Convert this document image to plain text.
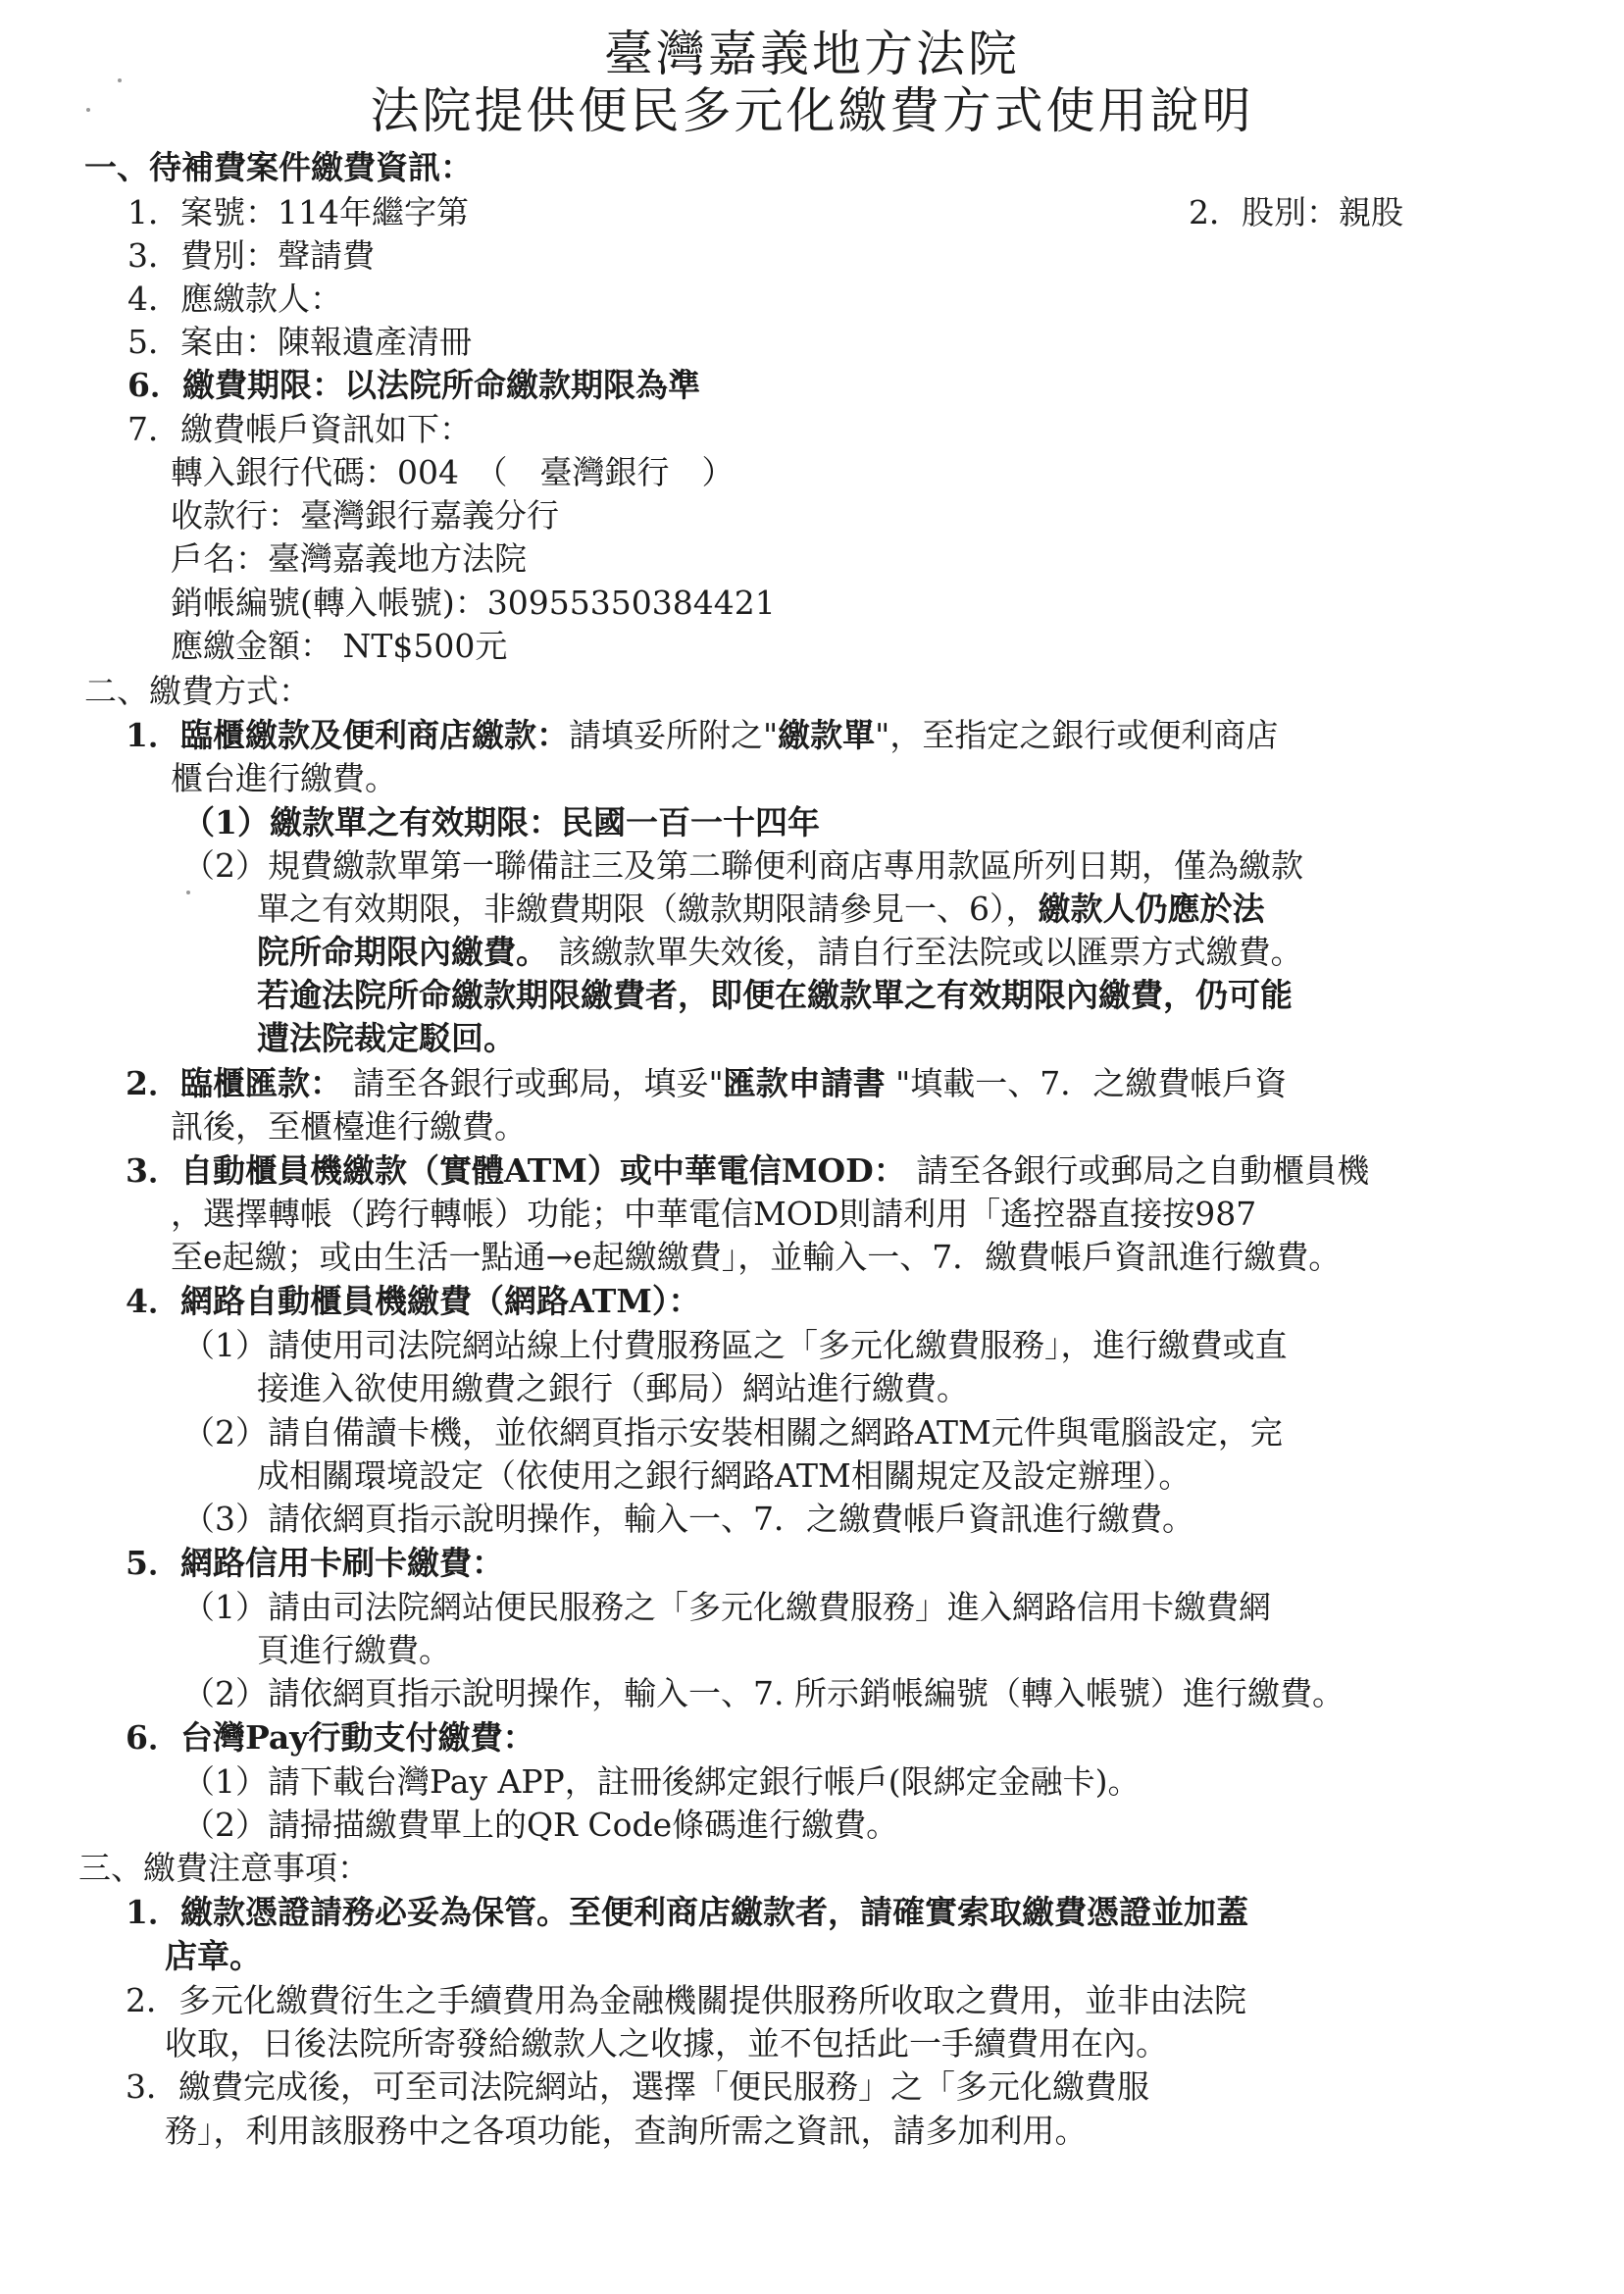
臺灣嘉義地方法院
法院提供便民多元化繳費方式使用說明
一、待補費案件繳費資訊：
1．案號：114年繼字第	2．股別：親股
3．費別：聲請費
4．應繳款人：
5．案由：陳報遺產清冊
6．繳費期限：以法院所命繳款期限為準
7．繳費帳戶資訊如下：
轉入銀行代碼：004　（　臺灣銀行　）
收款行：臺灣銀行嘉義分行
戶名：臺灣嘉義地方法院
銷帳編號(轉入帳號)：30955350384421
應繳金額： NT$500元
二、繳費方式：
1．臨櫃繳款及便利商店繳款：請填妥所附之"繳款單"，至指定之銀行或便利商店
櫃台進行繳費。
（1）繳款單之有效期限：民國一百一十四年
（2）規費繳款單第一聯備註三及第二聯便利商店專用款區所列日期，僅為繳款
單之有效期限，非繳費期限（繳款期限請參見一、6），繳款人仍應於法
院所命期限內繳費。 該繳款單失效後，請自行至法院或以匯票方式繳費。
若逾法院所命繳款期限繳費者，即便在繳款單之有效期限內繳費，仍可能
遭法院裁定駁回。
2．臨櫃匯款： 請至各銀行或郵局，填妥"匯款申請書 "填載一、7．之繳費帳戶資
訊後，至櫃檯進行繳費。
3．自動櫃員機繳款（實體ATM）或中華電信MOD： 請至各銀行或郵局之自動櫃員機
，選擇轉帳（跨行轉帳）功能；中華電信MOD則請利用「遙控器直接按987
至e起繳；或由生活一點通→e起繳繳費」，並輸入一、7．繳費帳戶資訊進行繳費。
4．網路自動櫃員機繳費（網路ATM）：
（1）請使用司法院網站線上付費服務區之「多元化繳費服務」，進行繳費或直
接進入欲使用繳費之銀行（郵局）網站進行繳費。
（2）請自備讀卡機，並依網頁指示安裝相關之網路ATM元件與電腦設定，完
成相關環境設定（依使用之銀行網路ATM相關規定及設定辦理）。
（3）請依網頁指示說明操作，輸入一、7．之繳費帳戶資訊進行繳費。
5．網路信用卡刷卡繳費：
（1）請由司法院網站便民服務之「多元化繳費服務」進入網路信用卡繳費網
頁進行繳費。
（2）請依網頁指示說明操作，輸入一、7. 所示銷帳編號（轉入帳號）進行繳費。
6．台灣Pay行動支付繳費：
（1）請下載台灣Pay APP，註冊後綁定銀行帳戶(限綁定金融卡)。
（2）請掃描繳費單上的QR Code條碼進行繳費。
三、繳費注意事項：
1．繳款憑證請務必妥為保管。至便利商店繳款者，請確實索取繳費憑證並加蓋
店章。
2．多元化繳費衍生之手續費用為金融機關提供服務所收取之費用，並非由法院
收取，日後法院所寄發給繳款人之收據，並不包括此一手續費用在內。
3．繳費完成後，可至司法院網站，選擇「便民服務」之「多元化繳費服
務」，利用該服務中之各項功能，查詢所需之資訊，請多加利用。
